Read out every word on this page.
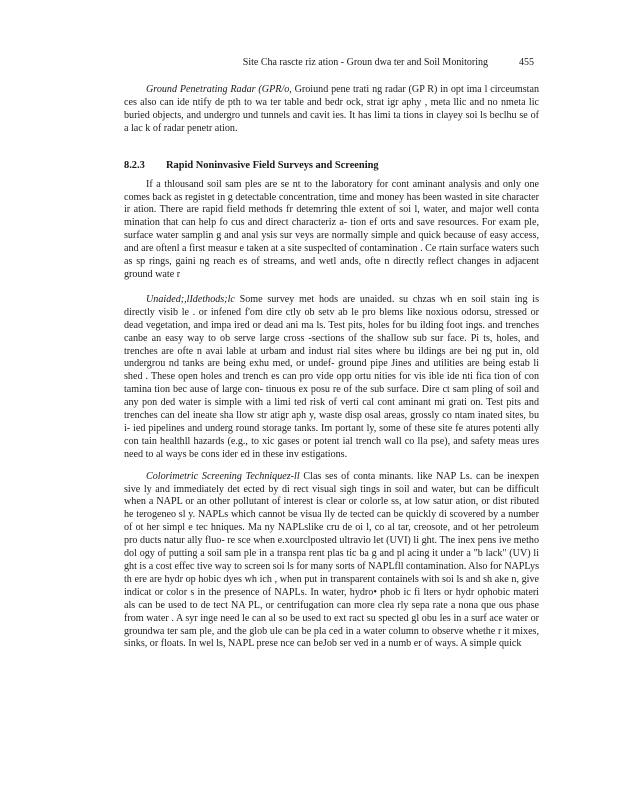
Site Cha rascte riz ation - Groun dwa ter and Soil Monitoring	455

Ground Penetrating Radar (GPR/o, Groiund pene trati ng radar (GP R) in opt ima l circeumstan ces also can ide ntify de pth to wa ter table and bedr ock, strat igr aphy , meta llic and no nmeta lic buried objects, and undergro und tunnels and cavit ies. It has limi ta tions in clayey soi ls beclhu se of a lac k of radar penetr ation.

8.2.3 Rapid Noninvasive Field Surveys and Screening

If a thlousand soil sam ples are se nt to the laboratory for cont aminant analysis and only one comes back as registet in g detectable concentration, time and money has been wasted in site character ir ation. There are rapid field methods fr detemring thle extent of soi l, water, and major well conta mination that can help fo cus and direct characteriz a- tion ef orts and save resources. For exam ple, surface water samplin g and anal ysis sur veys are normally simple and quick because of easy access, and are oftenl a first measur e taken at a site suspeclted of contamination . Ce rtain surface waters such as sp rings, gaini ng reach es of streams, and wetl ands, ofte n directly reflect changes in adjacent ground wate r

Unaided;,lIdethods;lc Some survey met hods are unaided. su chzas wh en soil stain ing is directly visib le . or infened f'om dire ctly ob setv ab le pro blems like noxious odorsu, stressed or dead vegetation, and impa ired or dead ani ma ls. Test pits, holes for bu ilding foot ings. and trenches canbe an easy way to ob serve large cross -sections of the shallow sub sur face. Pi ts, holes, and trenches are ofte n avai lable at urbam and indust rial sites where bu ildings are bei ng put in, old undergrou nd tanks are being exhu med, or undef- ground pipe Jines and utilities are being estab li shed . These open holes and trench es can pro vide opp ortu nities for vis ible ide nti fica tion of con tamina tion bec ause of large con- tinuous ex posu re of the sub surface. Dire ct sam pling of soil and any pon ded water is simple with a limi ted risk of verti cal cont aminant mi grati on. Test pits and trenches can del ineate sha llow str atigr aph y, waste disp osal areas, grossly co ntam inated sites, bu i- ied pipelines and underg round storage tanks. Im portant ly, some of these site fe atures potenti ally con tain healthll hazards (e.g., to xic gases or potent ial trench wall co lla pse), and safety meas ures need to al ways be cons ider ed in these inv estigations.

Colorimetric Screening Techniquez-ll Clas ses of conta minants. like NAP Ls. can be inexpen sive ly and immediately det ected by di rect visual sigh tings in soil and water, but can be difficult when a NAPL or an other pollutant of interest is clear or colorle ss, at low satur ation, or dist ributed he terogeneo sl y. NAPLs which cannot be visua lly de tected can be quickly di scovered by a number of ot her simpl e tec hniques. Ma ny NAPLslike cru de oi l, co al tar, creosote, and ot her petroleum pro ducts natur ally fluo- re sce when e.xourclposted ultravio let (UVI) li ght. The inex pens ive metho dol ogy of putting a soil sam ple in a transpa rent plas tic ba g and pl acing it under a "b lack" (UV) li ght is a cost effec tive way to screen soi ls for many sorts of NAPLfll contamination. Also for NAPLys th ere are hydr op hobic dyes wh ich , when put in transparent containels with soi ls and sh ake n, give indicat or color s in the presence of NAPLs. In water, hydro• phob ic fi lters or hydr ophobic materi als can be used to de tect NA PL, or centrifugation can more clea rly sepa rate a nona que ous phase from water . A syr inge need le can al so be used to ext ract su spected gl obu les in a surf ace water or groundwa ter sam ple, and the glob ule can be pla ced in a water column to observe whethe r it mixes, sinks, or floats. In wel ls, NAPL prese nce can beJob ser ved in a numb er of ways. A simple quick
